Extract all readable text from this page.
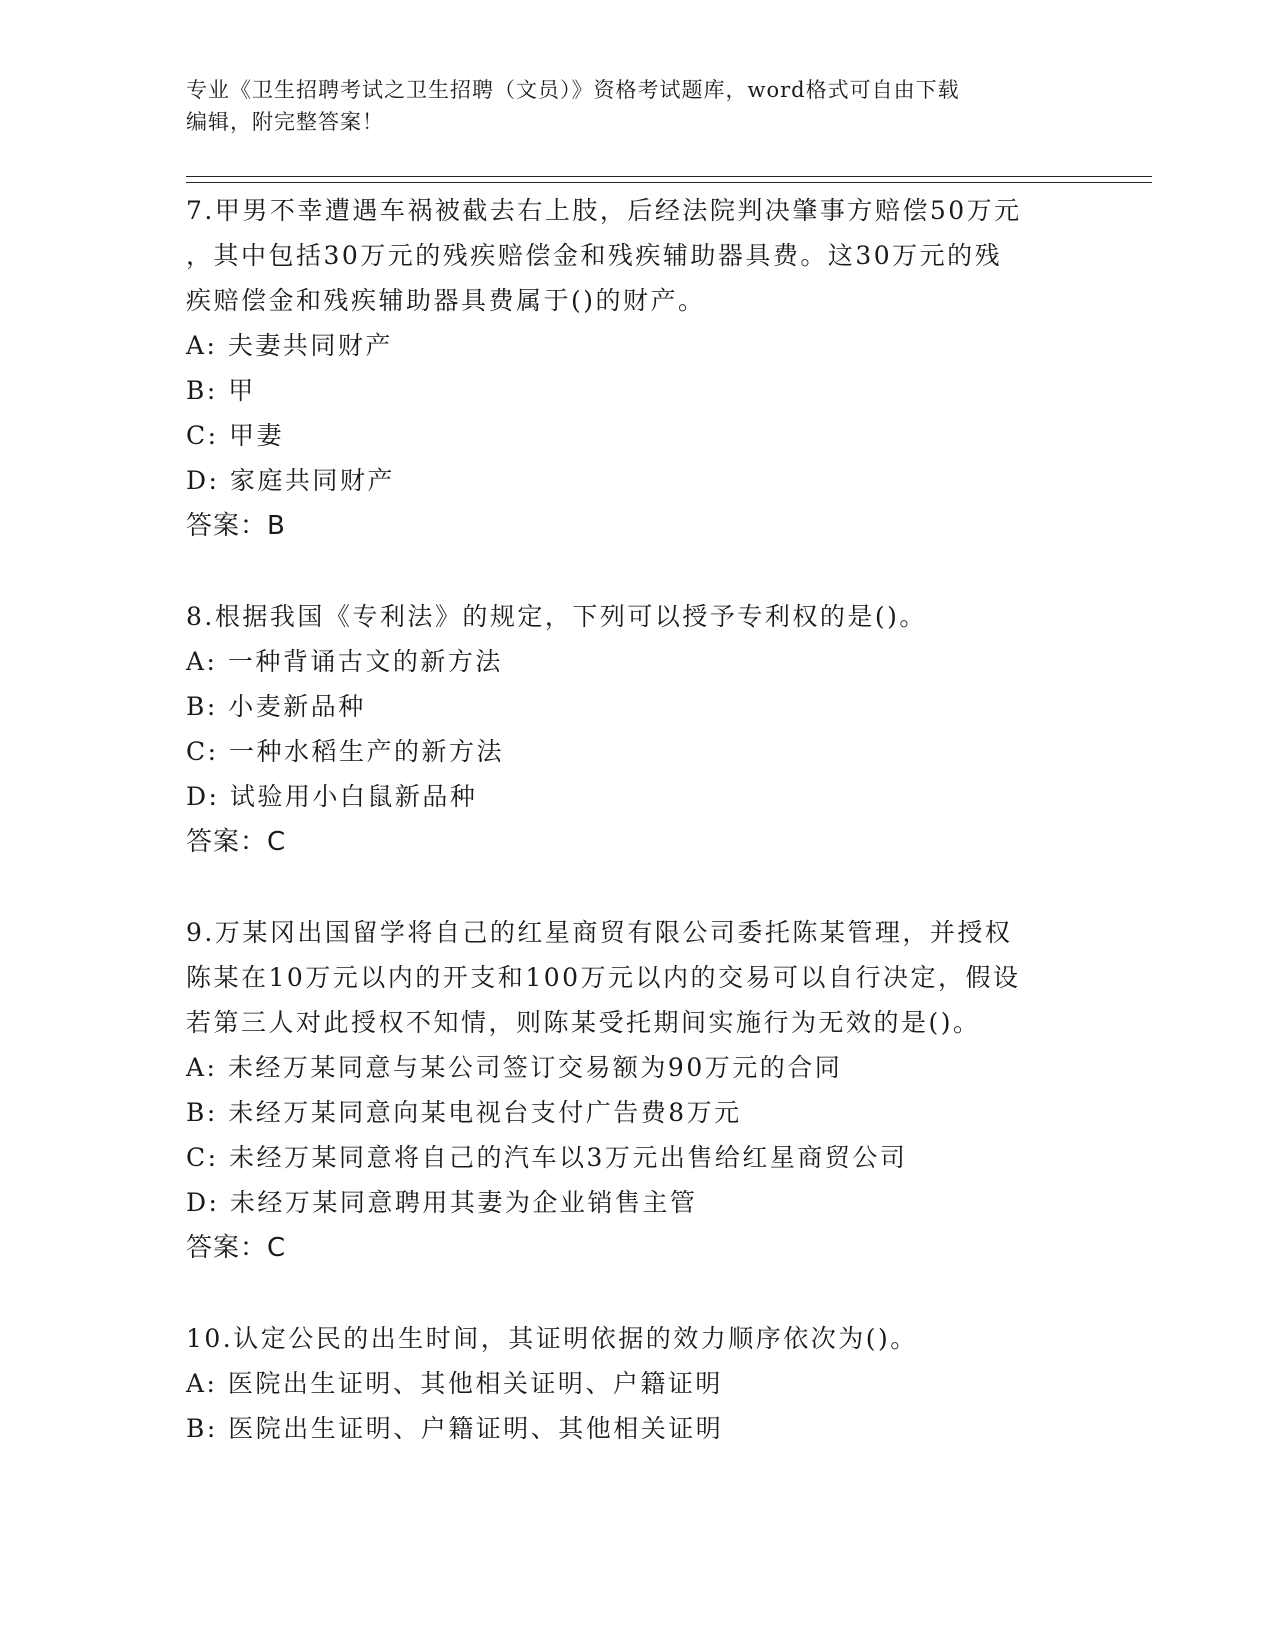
专业《卫生招聘考试之卫生招聘（文员）》资格考试题库，word格式可自由下载
编辑，附完整答案！
7.甲男不幸遭遇车祸被截去右上肢，后经法院判决肇事方赔偿50万元
，其中包括30万元的残疾赔偿金和残疾辅助器具费。这30万元的残
疾赔偿金和残疾辅助器具费属于()的财产。
A: 夫妻共同财产
B: 甲
C: 甲妻
D: 家庭共同财产
答案：B
8.根据我国《专利法》的规定，下列可以授予专利权的是()。
A: 一种背诵古文的新方法
B: 小麦新品种
C: 一种水稻生产的新方法
D: 试验用小白鼠新品种
答案：C
9.万某冈出国留学将自己的红星商贸有限公司委托陈某管理，并授权
陈某在10万元以内的开支和100万元以内的交易可以自行决定，假设
若第三人对此授权不知情，则陈某受托期间实施行为无效的是()。
A: 未经万某同意与某公司签订交易额为90万元的合同
B: 未经万某同意向某电视台支付广告费8万元
C: 未经万某同意将自己的汽车以3万元出售给红星商贸公司
D: 未经万某同意聘用其妻为企业销售主管
答案：C
10.认定公民的出生时间，其证明依据的效力顺序依次为()。
A: 医院出生证明、其他相关证明、户籍证明
B: 医院出生证明、户籍证明、其他相关证明
